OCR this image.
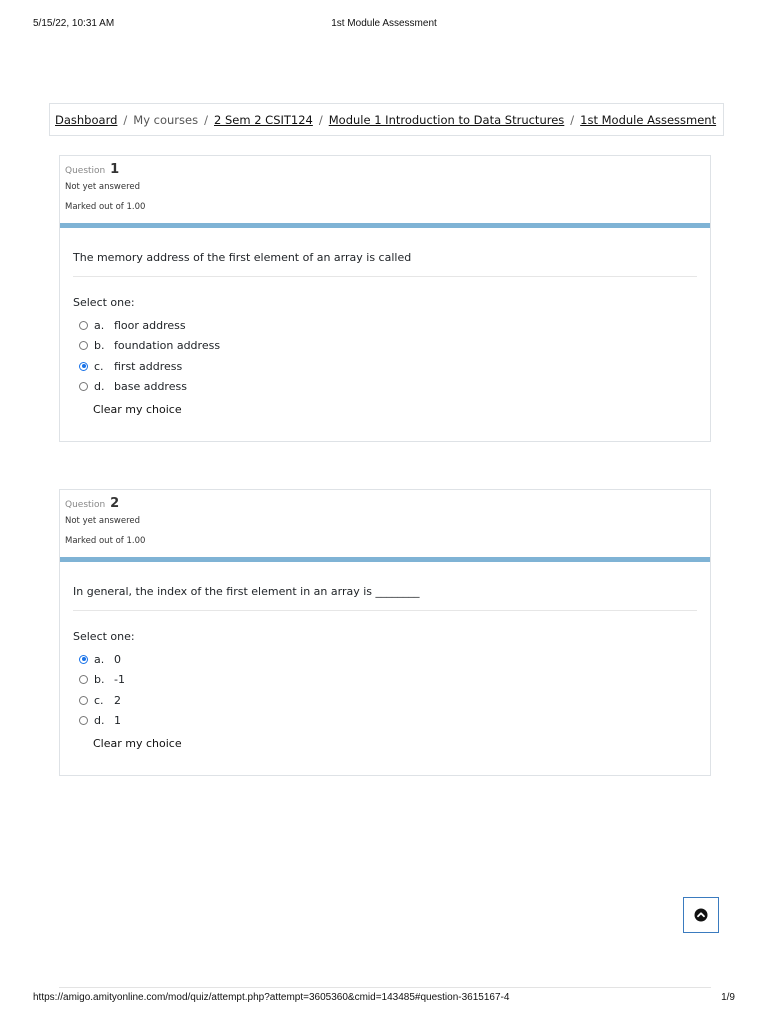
5/15/22, 10:31 AM	1st Module Assessment
Dashboard / My courses / 2 Sem 2 CSIT124 / Module 1 Introduction to Data Structures / 1st Module Assessment
Question 1
Not yet answered
Marked out of 1.00
The memory address of the first element of an array is called
Select one:
a. floor address
b. foundation address
c. first address
d. base address
Clear my choice
Question 2
Not yet answered
Marked out of 1.00
In general, the index of the first element in an array is ________
Select one:
a. 0
b. -1
c. 2
d. 1
Clear my choice
https://amigo.amityonline.com/mod/quiz/attempt.php?attempt=3605360&cmid=143485#question-3615167-4	1/9
